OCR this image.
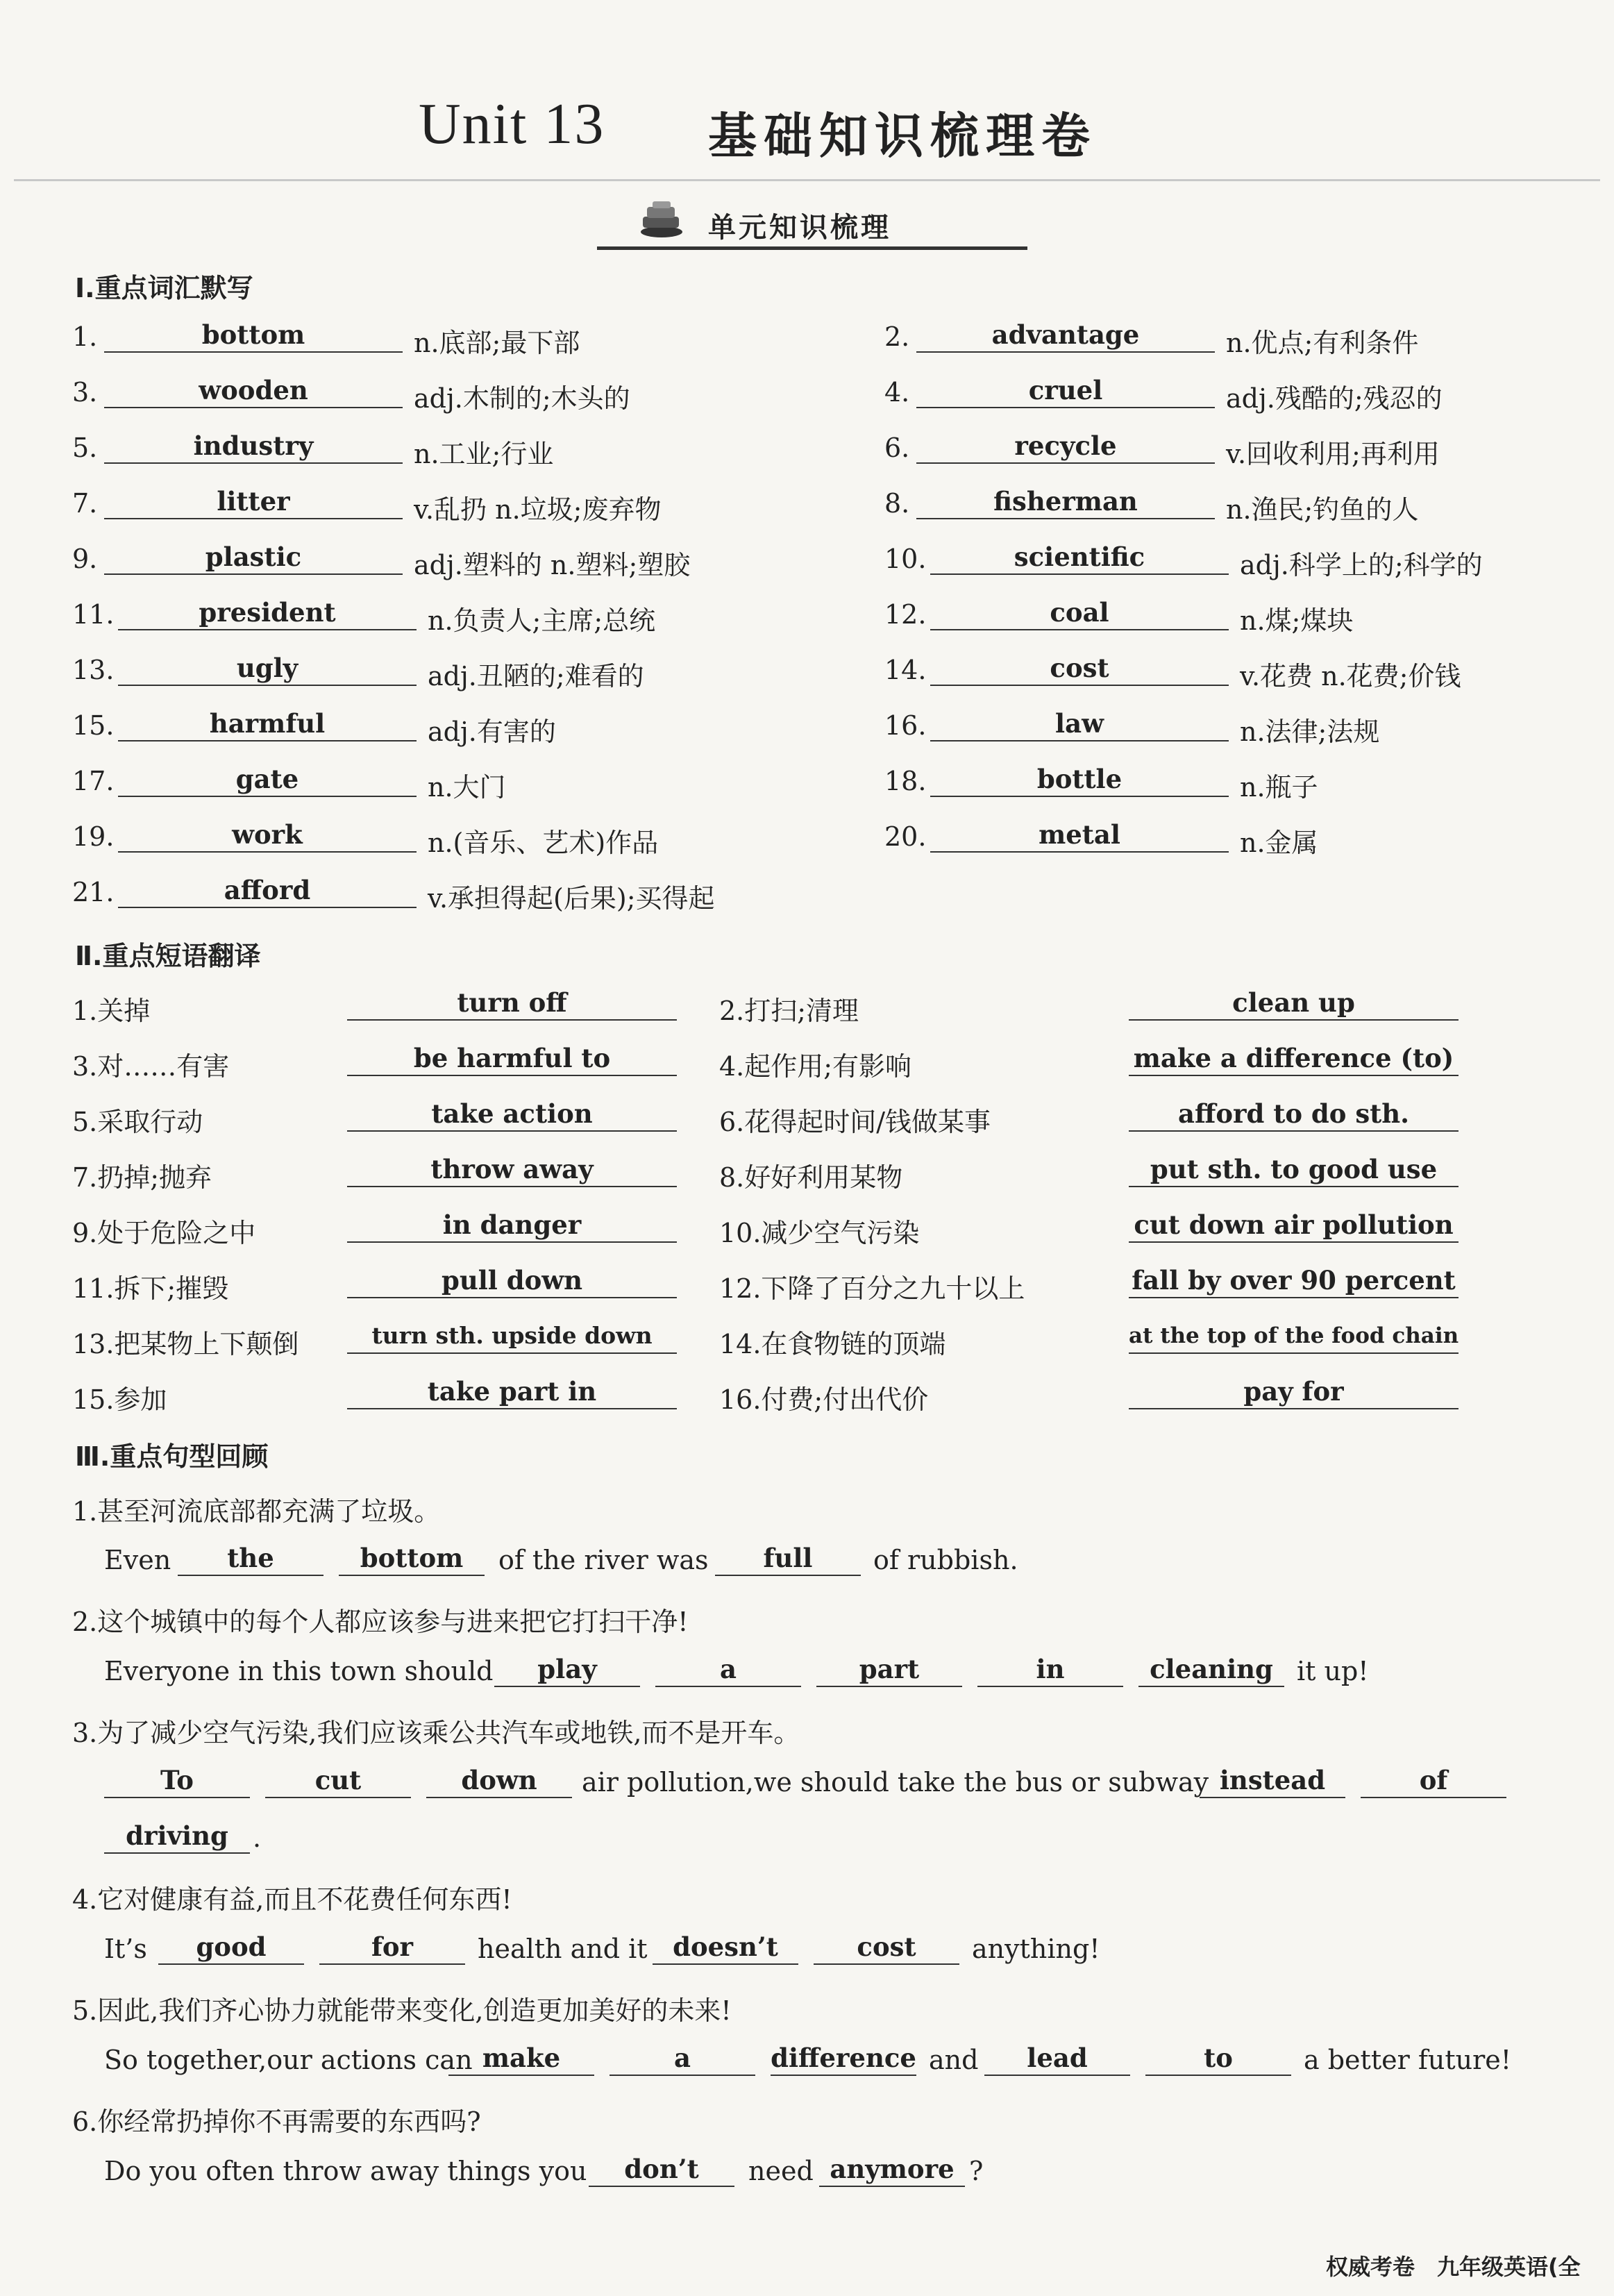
Unit 13 基础知识梳理卷
单元知识梳理
Ⅰ.重点词汇默写
1.	bottom	n.底部;最下部	2.	advantage	n.优点;有利条件
3.	wooden	adj.木制的;木头的	4.	cruel	adj.残酷的;残忍的
5.	industry	n.工业;行业	6.	recycle	v.回收利用;再利用
7.	litter	v.乱扔 n.垃圾;废弃物	8.	fisherman	n.渔民;钓鱼的人
9.	plastic	adj.塑料的 n.塑料;塑胶	10.	scientific	adj.科学上的;科学的
11.	president	n.负责人;主席;总统	12.	coal	n.煤;煤块
13.	ugly	adj.丑陋的;难看的	14.	cost	v.花费 n.花费;价钱
15.	harmful	adj.有害的	16.	law	n.法律;法规
17.	gate	n.大门	18.	bottle	n.瓶子
19.	work	n.(音乐、艺术)作品	20.	metal	n.金属
21.	afford	v.承担得起(后果);买得起
Ⅱ.重点短语翻译
1.关掉	turn off	2.打扫;清理	clean up
3.对……有害	be harmful to	4.起作用;有影响	make a difference (to)
5.采取行动	take action	6.花得起时间/钱做某事	afford to do sth.
7.扔掉;抛弃	throw away	8.好好利用某物	put sth. to good use
9.处于危险之中	in danger	10.减少空气污染	cut down air pollution
11.拆下;摧毁	pull down	12.下降了百分之九十以上	fall by over 90 percent
13.把某物上下颠倒	turn sth. upside down	14.在食物链的顶端	at the top of the food chain
15.参加	take part in	16.付费;付出代价	pay for
Ⅲ.重点句型回顾
1.甚至河流底部都充满了垃圾。
Even	the	bottom	of the river was	full	of rubbish.
2.这个城镇中的每个人都应该参与进来把它打扫干净!
Everyone in this town should	play	a	part	in	cleaning it up!
3.为了减少空气污染,我们应该乘公共汽车或地铁,而不是开车。
To	cut	down	air pollution,we should take the bus or subway instead	of
driving .
4.它对健康有益,而且不花费任何东西!
It’s	good	for	health and it doesn’t	cost	anything!
5.因此,我们齐心协力就能带来变化,创造更加美好的未来!
So together,our actions can make	a	difference and	lead	to	a better future!
6.你经常扔掉你不再需要的东西吗?
Do you often throw away things you	don’t	need anymore ?
权威考卷　九年级英语(全
